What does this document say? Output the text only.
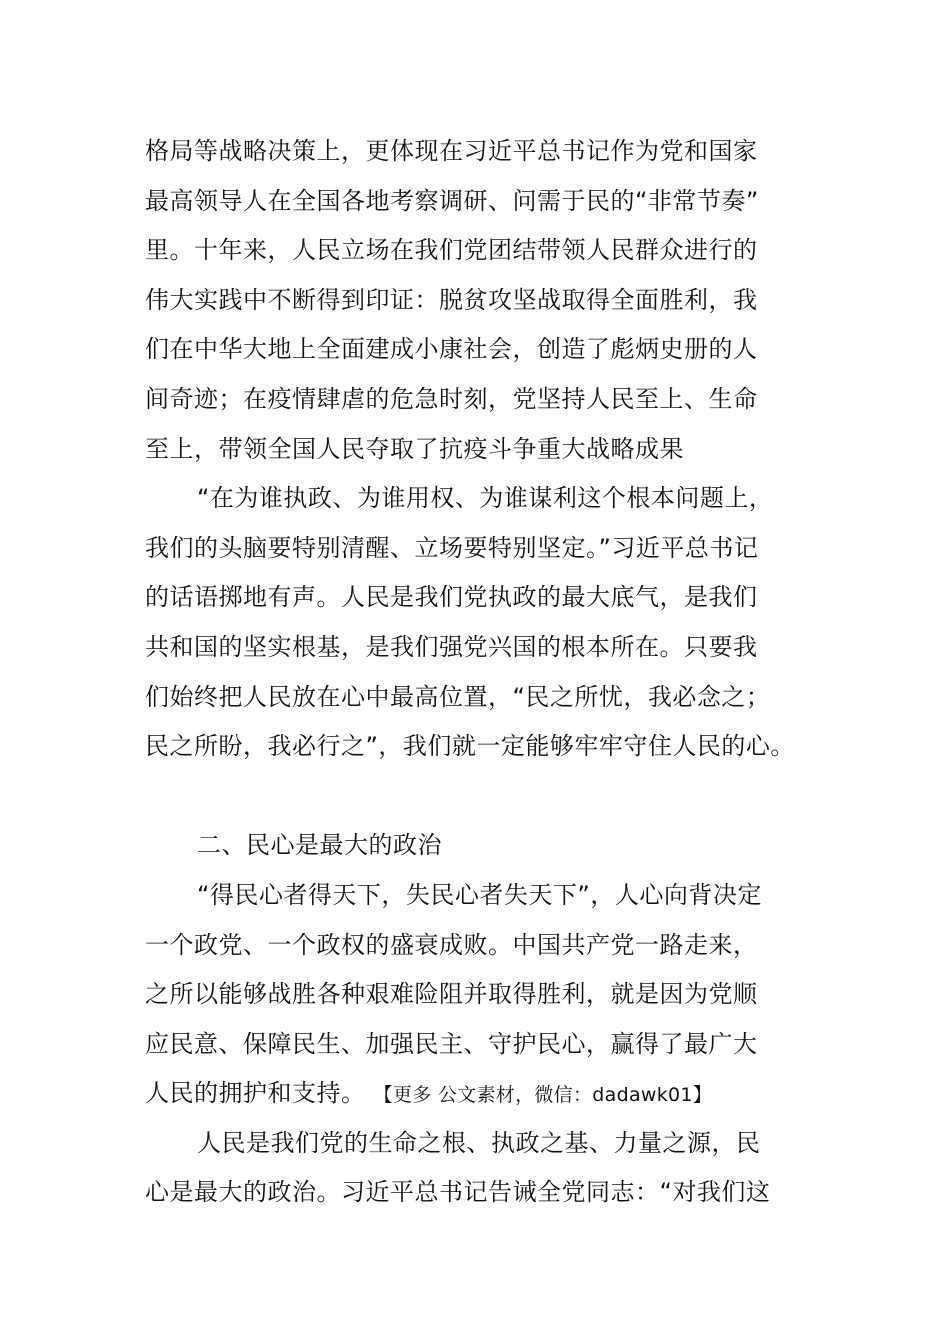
格局等战略决策上，更体现在习近平总书记作为党和国家
最高领导人在全国各地考察调研、问需于民的“非常节奏”
里。十年来，人民立场在我们党团结带领人民群众进行的
伟大实践中不断得到印证：脱贫攻坚战取得全面胜利，我
们在中华大地上全面建成小康社会，创造了彪炳史册的人
间奇迹；在疫情肆虐的危急时刻，党坚持人民至上、生命
至上，带领全国人民夺取了抗疫斗争重大战略成果
“在为谁执政、为谁用权、为谁谋利这个根本问题上，
我们的头脑要特别清醒、立场要特别坚定。”习近平总书记
的话语掷地有声。人民是我们党执政的最大底气，是我们
共和国的坚实根基，是我们强党兴国的根本所在。只要我
们始终把人民放在心中最高位置，“民之所忧，我必念之；
民之所盼，我必行之”，我们就一定能够牢牢守住人民的心。
二、民心是最大的政治
“得民心者得天下，失民心者失天下”，人心向背决定
一个政党、一个政权的盛衰成败。中国共产党一路走来，
之所以能够战胜各种艰难险阻并取得胜利，就是因为党顺
应民意、保障民生、加强民主、守护民心，赢得了最广大
人民的拥护和支持。 【更多 公文素材，微信：dadawk01】
人民是我们党的生命之根、执政之基、力量之源，民
心是最大的政治。习近平总书记告诫全党同志：“对我们这
